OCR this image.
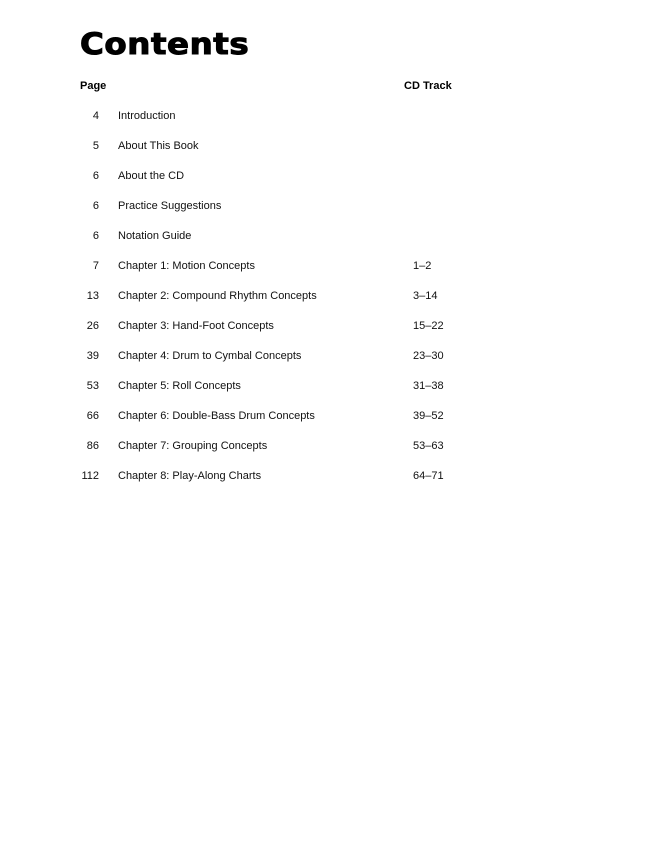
Contents
Page	CD Track
4 Introduction
5 About This Book
6 About the CD
6 Practice Suggestions
6 Notation Guide
7 Chapter 1: Motion Concepts	1–2
13 Chapter 2: Compound Rhythm Concepts	3–14
26 Chapter 3: Hand-Foot Concepts	15–22
39 Chapter 4: Drum to Cymbal Concepts	23–30
53 Chapter 5: Roll Concepts	31–38
66 Chapter 6: Double-Bass Drum Concepts	39–52
86 Chapter 7: Grouping Concepts	53–63
112 Chapter 8: Play-Along Charts	64–71
